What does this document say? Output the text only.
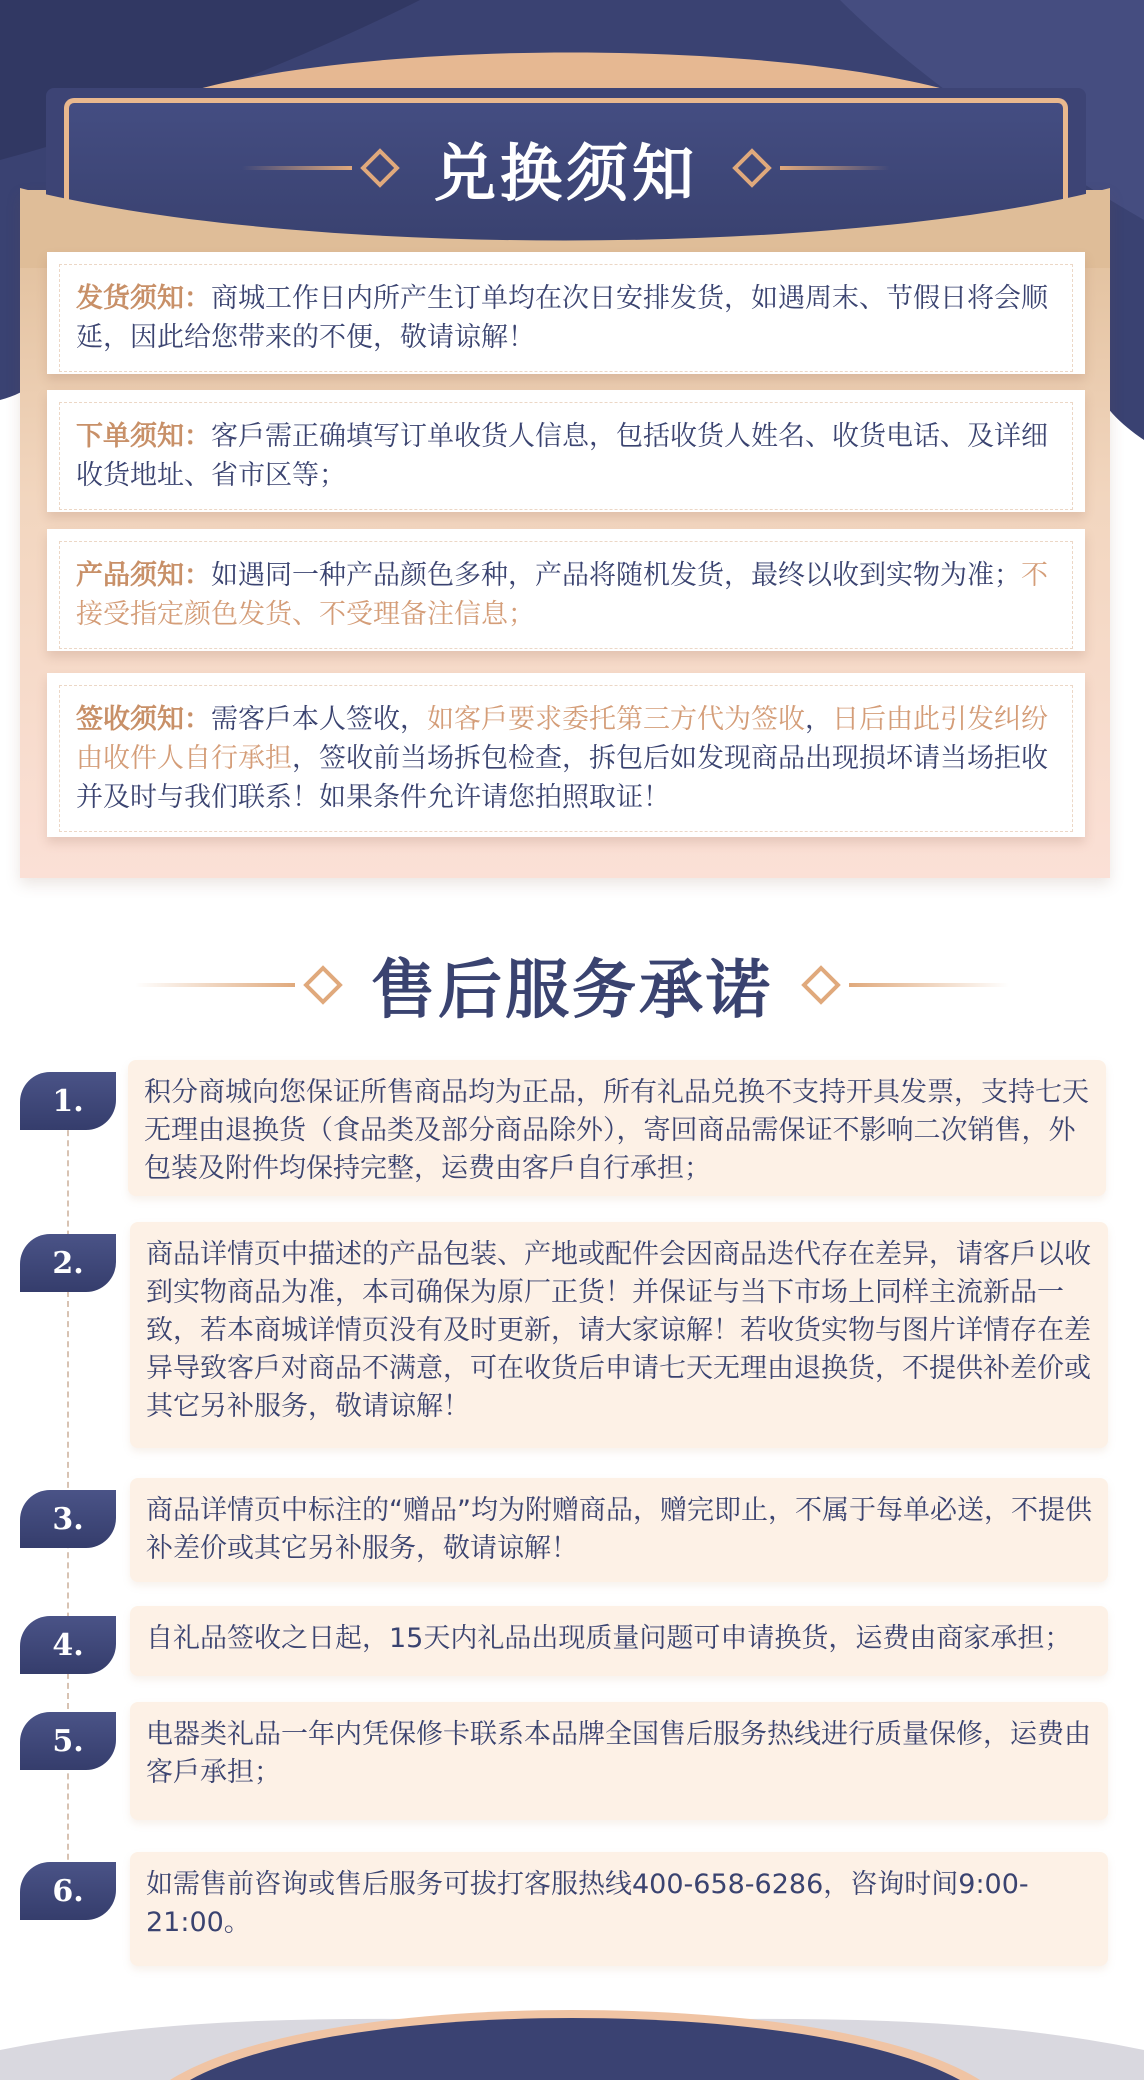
兑换须知
发货须知：商城工作日内所产生订单均在次日安排发货，如遇周末、节假日将会顺延，因此给您带来的不便，敬请谅解！
下单须知：客戶需正确填写订单收货人信息，包括收货人姓名、收货电话、及详细收货地址、省市区等；
产品须知：如遇同一种产品颜色多种，产品将随机发货，最终以收到实物为准；不接受指定颜色发货、不受理备注信息；
签收须知：需客戶本人签收，如客戶要求委托第三方代为签收，日后由此引发纠纷由收件人自行承担，签收前当场拆包检查，拆包后如发现商品出现损坏请当场拒收并及时与我们联系！如果条件允许请您拍照取证！
售后服务承诺
1.	积分商城向您保证所售商品均为正品，所有礼品兑换不支持开具发票，支持七天无理由退换货（食品类及部分商品除外），寄回商品需保证不影响二次销售，外包装及附件均保持完整，运费由客戶自行承担；
2.	商品详情页中描述的产品包装、产地或配件会因商品迭代存在差异，请客戶以收到实物商品为准，本司确保为原厂正货！并保证与当下市场上同样主流新品一致，若本商城详情页没有及时更新，请大家谅解！若收货实物与图片详情存在差异导致客戶对商品不满意，可在收货后申请七天无理由退换货，不提供补差价或其它另补服务，敬请谅解！
3.	商品详情页中标注的“赠品”均为附赠商品，赠完即止，不属于每单必送，不提供补差价或其它另补服务，敬请谅解！
4.	自礼品签收之日起，15天内礼品出现质量问题可申请换货，运费由商家承担；
5.	电器类礼品一年内凭保修卡联系本品牌全国售后服务热线进行质量保修，运费由客戶承担；
6.	如需售前咨询或售后服务可拔打客服热线400-658-6286，咨询时间9:00-21:00。
